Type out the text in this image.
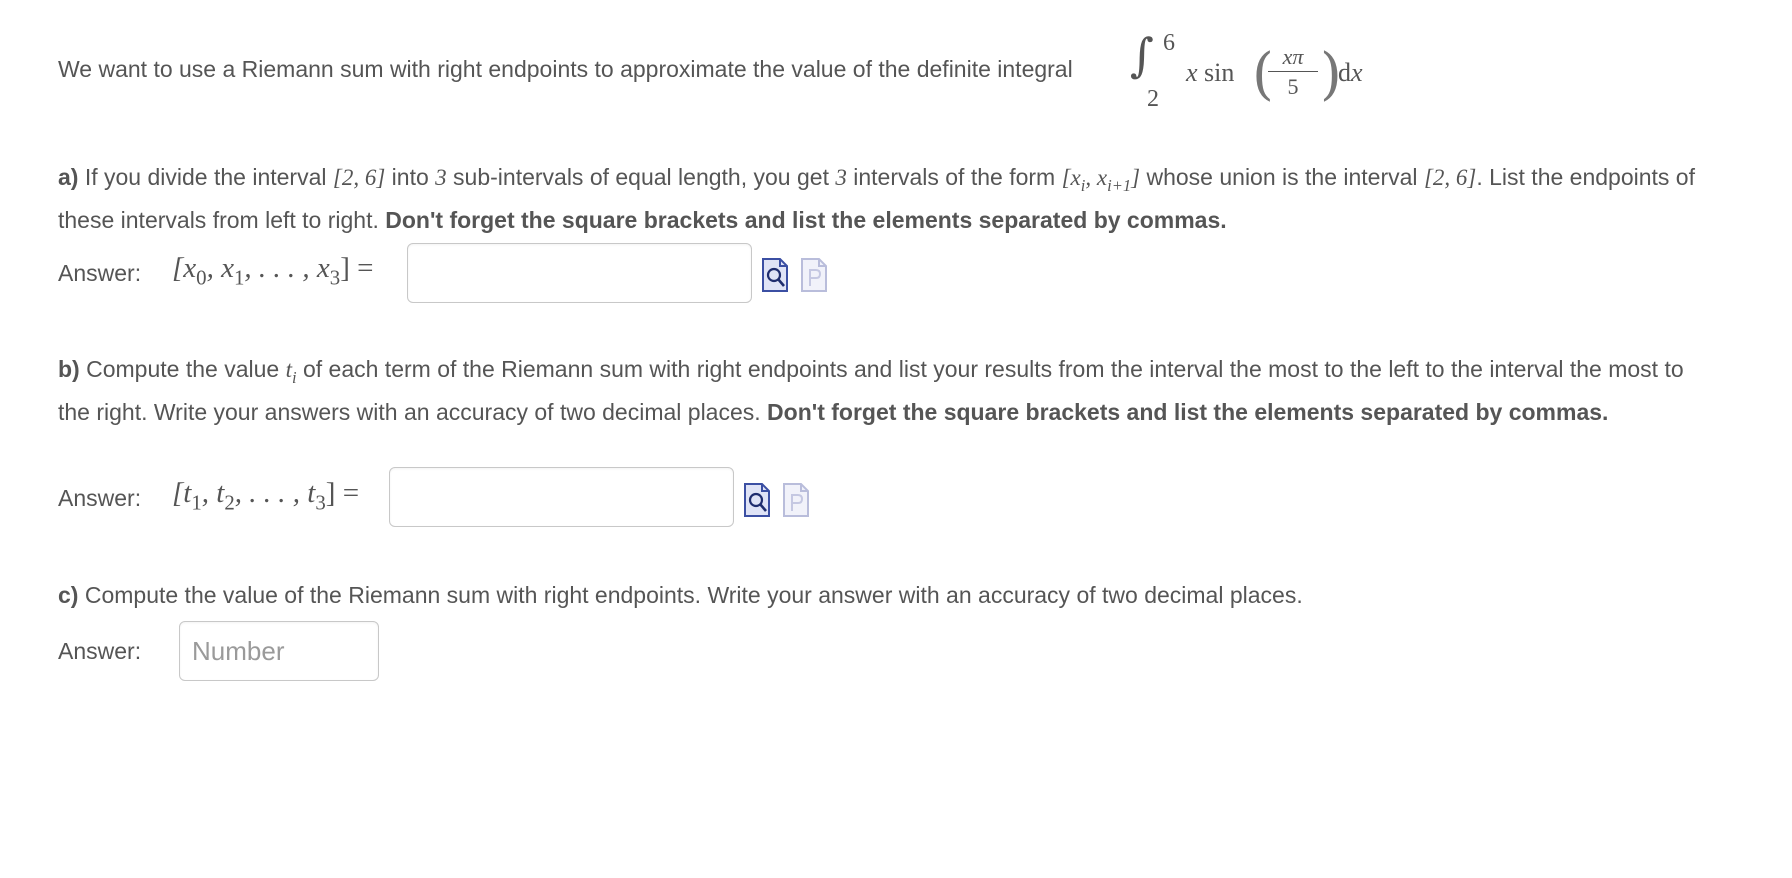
We want to use a Riemann sum with right endpoints to approximate the value of the definite integral ∫ 6
2
x sin (
$\frac{x\pi}{5}$ )
dx
a) If you divide the interval [2, 6] into 3 sub-intervals of equal length, you get 3 intervals of the form [$x_i$, $x_{i+1}$] whose union is the interval [2, 6]. List the endpoints of these intervals from left to right. Don't forget the square brackets and list the elements separated by commas.
Answer: [$x_0$, $x_1$, . . . , $x_3$] =
b) Compute the value $t_i$ of each term of the Riemann sum with right endpoints and list your results from the interval the most to the left to the interval the most to the right. Write your answers with an accuracy of two decimal places. Don't forget the square brackets and list the elements separated by commas.
Answer: [$t_1$, $t_2$, . . . , $t_3$] =
c) Compute the value of the Riemann sum with right endpoints. Write your answer with an accuracy of two decimal places.
Answer:
Number
